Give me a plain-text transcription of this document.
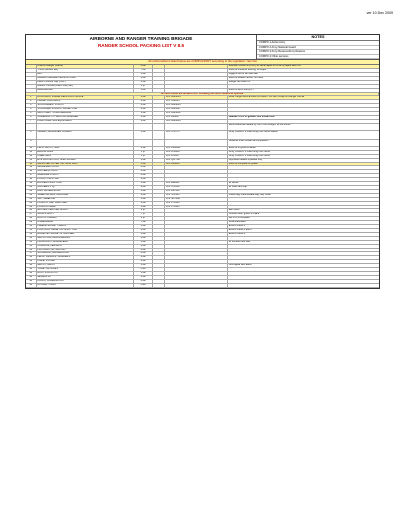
ver 10 Dec 2009
AIRBORNE AND RANGER TRAINING BRIGADE
RANGER SCHOOL PACKING LIST V 8.5
NOTES
COMPO 1 Active Army
COMPO 2 Army National Guard
COMPO 3 Army Reserve/Army Reserve
COMPO 4 Other services
All uniforms/items listed below are COMPULSORY according to the regulation / item list
	Uniform Ranger (Patrol)	4 ea			Multicam Uniforms (OCP) w/ name tapes & US Army tapes sewn on
	T-Shirt (Brown/Tan)	7 ea			Must be moisture wicking, no logos
	Belt	1 ea			Riggers belt or tan web belt
	Advance Individual Helmet w/ Cover	1 ea			Must be issued helmet, no mods
	Patrol / Boonie Cap (OCP)	1 ea			Ranger tab sewn on
	Gloves, Combat (Patrol Cap, tab)	1 pr			
	Reflective Belt	1 ea			Must be worn during PT
All items below are MANDATORY including the items marked as optional					
1	RUCKSACK, LARGE FIELD PACK MOLLE	1 ea		LIN: 8465015	Ruck: Large MOLLE Ruck 1st issue / CIF item except in Ranger course
2	FRAME, RUCKSACK	1 ea		LIN: C02015	
3	SUSTAINMENT POUCH	2 ea		LIN: 8465016	
4	SHOULDER STRAPS / KIDNEY PAD	1 ea		LIN: 8465017	
5	WAIST BELT / LOAD BEARING	1 ea		LIN: 8465018	
6	CAMELBAK / HYDRATION BLADDER	1 ea		LIN: B85057	Bladder 3 ltrs or greater, sits inside ruck
7	LOAD CARRYING EQUIPMENT	1 ea		LIN: 8465019	
					Items below are issued by CIF if not brought, fill out memo
8	HELMET, ADVANCED COMBAT	1 ea		LIN: H53775	Army COMPO 1 must bring from home station
9					Students must contact all companies...
10	FIRST AID KIT, IFAK	1 ea		LIN: 2W3B31	Must be in good condition
11	ELBOW PADS	1 pr		LIN: A74008	Army COMPO 1 must bring from home
12	KNEE PADS	1 pr		LIN: A74007	Army COMPO 1 must bring from home
13	EYE PROTECTION, SPECTACLES	1 ea		LIN: Q87768	Approved ballistic eyewear only
14	IMPROVED OUTER TACTICAL VEST	1 ea		LIN: B65009	Must be complete w/ plates
15	MAGAZINE POUCH	6 ea			
16	CANTEEN POUCH	2 ea			
17	GRENADE POUCH	2 ea			
18	POUCH, FIRST AID	1 ea			
19	ENTRENCHING TOOL	1 ea		LIN: E62021	w/ carrier
20	CANTEEN, 1 QT	2 ea		LIN: C72052	w/ cover and cup
21	BAG, WATERPROOF	1 ea		LIN: B17009	
22	SLEEPING BAG, MODULAR	1 ea		LIN: S72153	Patrol bag, intermediate bag, bivy cover
23	MAT, SLEEPING	1 ea		LIN: M17040	
24	PONCHO, WET WEATHER	1 ea		LIN: P71026	
25	PONCHO LINER	1 ea		LIN: P70935	
26	GLOVES, LEATHER BLACK	2 pr			with liners
27	SOCKS, BOOT	7 pr			Cushion sole, green or black
28	BOOTS, COMBAT	2 pr			AR 670-1 compliant
29	UNDERWEAR	7 ea			Brown/tan/black
30	FLEECE JACKET / GEN III	1 ea			ECWCS level 3
31	POLYPROPYLENE TOP & BOTTOM	2 ea			ECWCS level 1 and 2
32	GORE-TEX JACKET & TROUSER	1 ea			ECWCS level 6
33	WATCH CAP, BLACK/BROWN	1 ea			
34	FLASHLIGHT, ANGLEHEAD	1 ea			w/ red and blue filter
35	COMPASS, LENSATIC	1 ea			
36	PROTRACTOR, MILITARY	2 ea			
37	NOTEBOOK, WATERPROOF	2 ea			
38	PENS / PENCILS / MARKERS	4 ea			
39	KNIFE, POCKET	1 ea			
40	WATCH, WRIST	1 ea			Non-digital with alarm
41	TOILET ARTICLES	1 set			
42	BOOT POLISH KIT	1 ea			
43	SEWING KIT	1 ea			
44	LOCKS, COMBINATION	2 ea			
45	ID CARD / TAGS	1 set			
